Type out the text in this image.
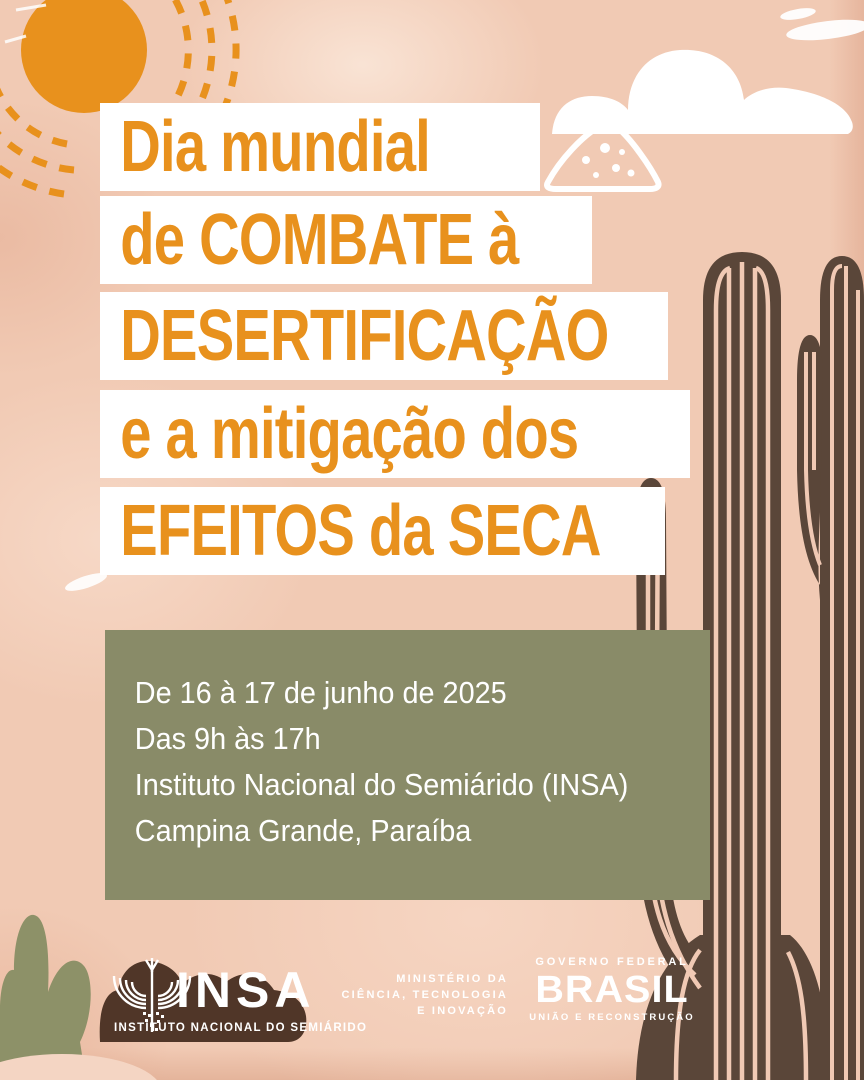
Dia mundial
de COMBATE à
DESERTIFICAÇÃO
e a mitigação dos
EFEITOS da SECA

De 16 à 17 de junho de 2025

Das 9h às 17h

Instituto Nacional do Semiárido (INSA)

Campina Grande, Paraíba

INSA
INSTITUTO NACIONAL DO SEMIÁRIDO
MINISTÉRIO DA
CIÊNCIA, TECNOLOGIA
E INOVAÇÃO
GOVERNO FEDERAL
BRASIL
UNIÃO E RECONSTRUÇÃO
